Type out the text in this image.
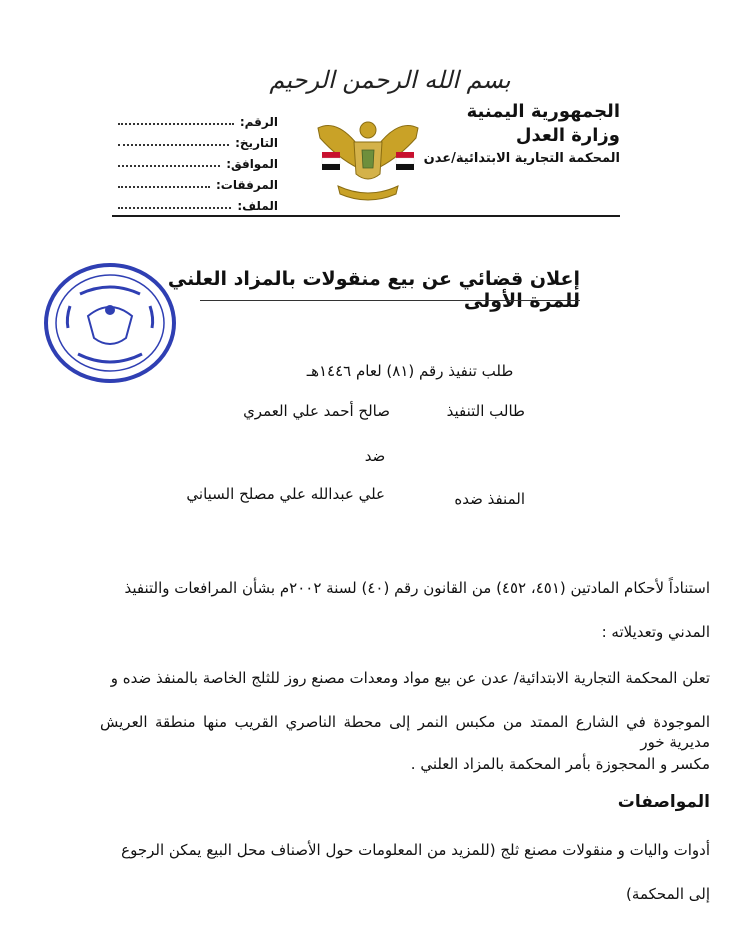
بسم الله الرحمن الرحيم
الجمهورية اليمنية
وزارة العدل
المحكمة التجارية الابتدائية/عدن
الرقم:
التاريخ:
الموافق:
المرفقات:
الملف:
إعلان قضائي عن بيع منقولات بالمزاد العلني للمرة الأولى
طلب تنفيذ رقم (٨١) لعام ١٤٤٦هـ
طالب التنفيذ
صالح أحمد علي العمري
ضد
المنفذ ضده
علي عبدالله علي مصلح السياني
استناداً لأحكام المادتين (٤٥١، ٤٥٢) من القانون رقم (٤٠) لسنة ٢٠٠٢م بشأن المرافعات والتنفيذ
المدني وتعديلاته :
تعلن المحكمة التجارية الابتدائية/ عدن عن بيع مواد ومعدات مصنع روز للثلج الخاصة بالمنفذ ضده و
الموجودة في الشارع الممتد من مكبس النمر إلى محطة الناصري القريب منها منطقة العريش مديرية خور
مكسر و المحجوزة بأمر المحكمة بالمزاد العلني .
المواصفات
أدوات واليات و منقولات مصنع ثلج (للمزيد من المعلومات حول الأصناف محل البيع يمكن الرجوع
إلى المحكمة)
